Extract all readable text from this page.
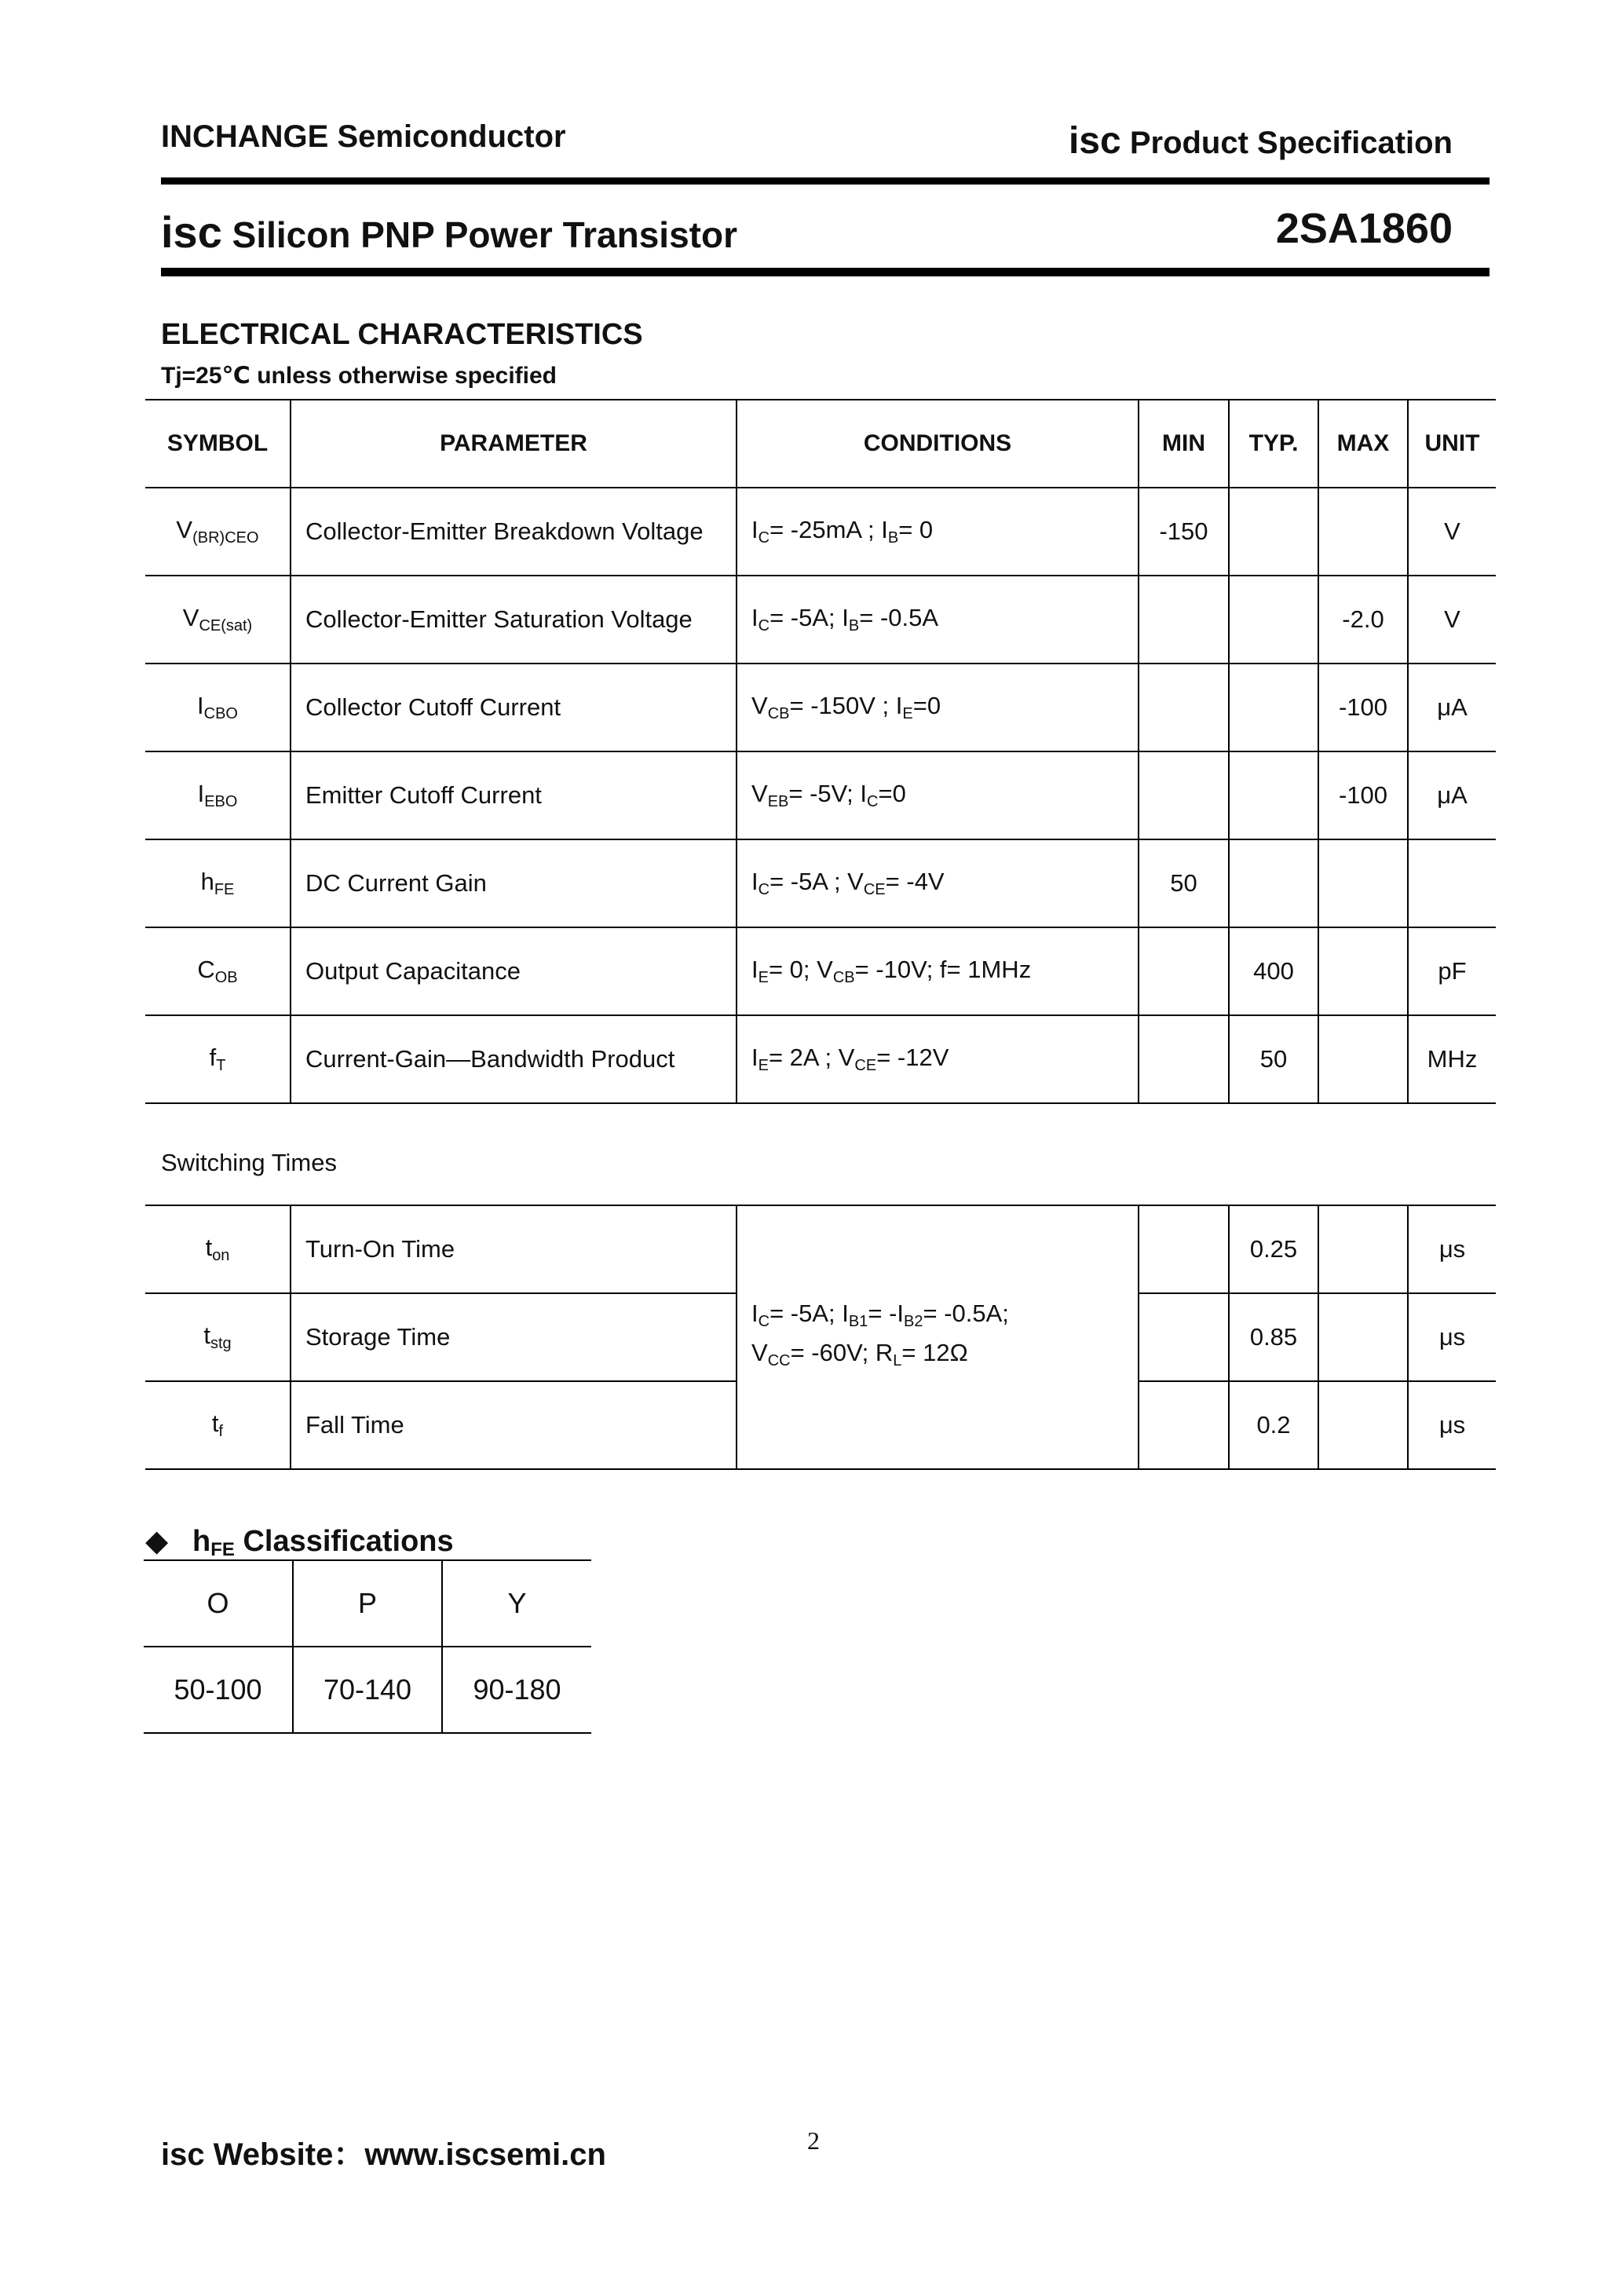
INCHANGE Semiconductor	isc Product Specification
isc Silicon PNP Power Transistor	2SA1860
ELECTRICAL CHARACTERISTICS
Tj=25℃ unless otherwise specified
SYMBOL	PARAMETER	CONDITIONS	MIN	TYP.	MAX	UNIT
$V_{(BR)CEO}$	Collector-Emitter Breakdown Voltage	$I_C= -25mA$ ; $I_B= 0$	-150			V
$V_{CE(sat)}$	Collector-Emitter Saturation Voltage	$I_C= -5A$; $I_B= -0.5A$			-2.0	V
$I_{CBO}$	Collector Cutoff Current	$V_{CB}= -150V$ ; $I_E=0$			-100	μA
$I_{EBO}$	Emitter Cutoff Current	$V_{EB}= -5V$; $I_C=0$			-100	μA
$h_{FE}$	DC Current Gain	$I_C= -5A$ ; $V_{CE}= -4V$	50			
$C_{OB}$	Output Capacitance	$I_E= 0$; $V_{CB}= -10V$; f= 1MHz		400		pF
$f_T$	Current-Gain—Bandwidth Product	$I_E= 2A$ ; $V_{CE}= -12V$		50		MHz
Switching Times
$t_{on}$	Turn-On Time	$I_C= -5A$; $I_{B1}= -I_{B2}= -0.5A$;
$V_{CC}= -60V$; $R_L= 12\Omega$		0.25		μs
$t_{stg}$	Storage Time			0.85		μs
$t_f$	Fall Time			0.2		μs
◆ $h_{FE}$ Classifications
O	P	Y
50-100	70-140	90-180
isc Website：www.iscsemi.cn	2
